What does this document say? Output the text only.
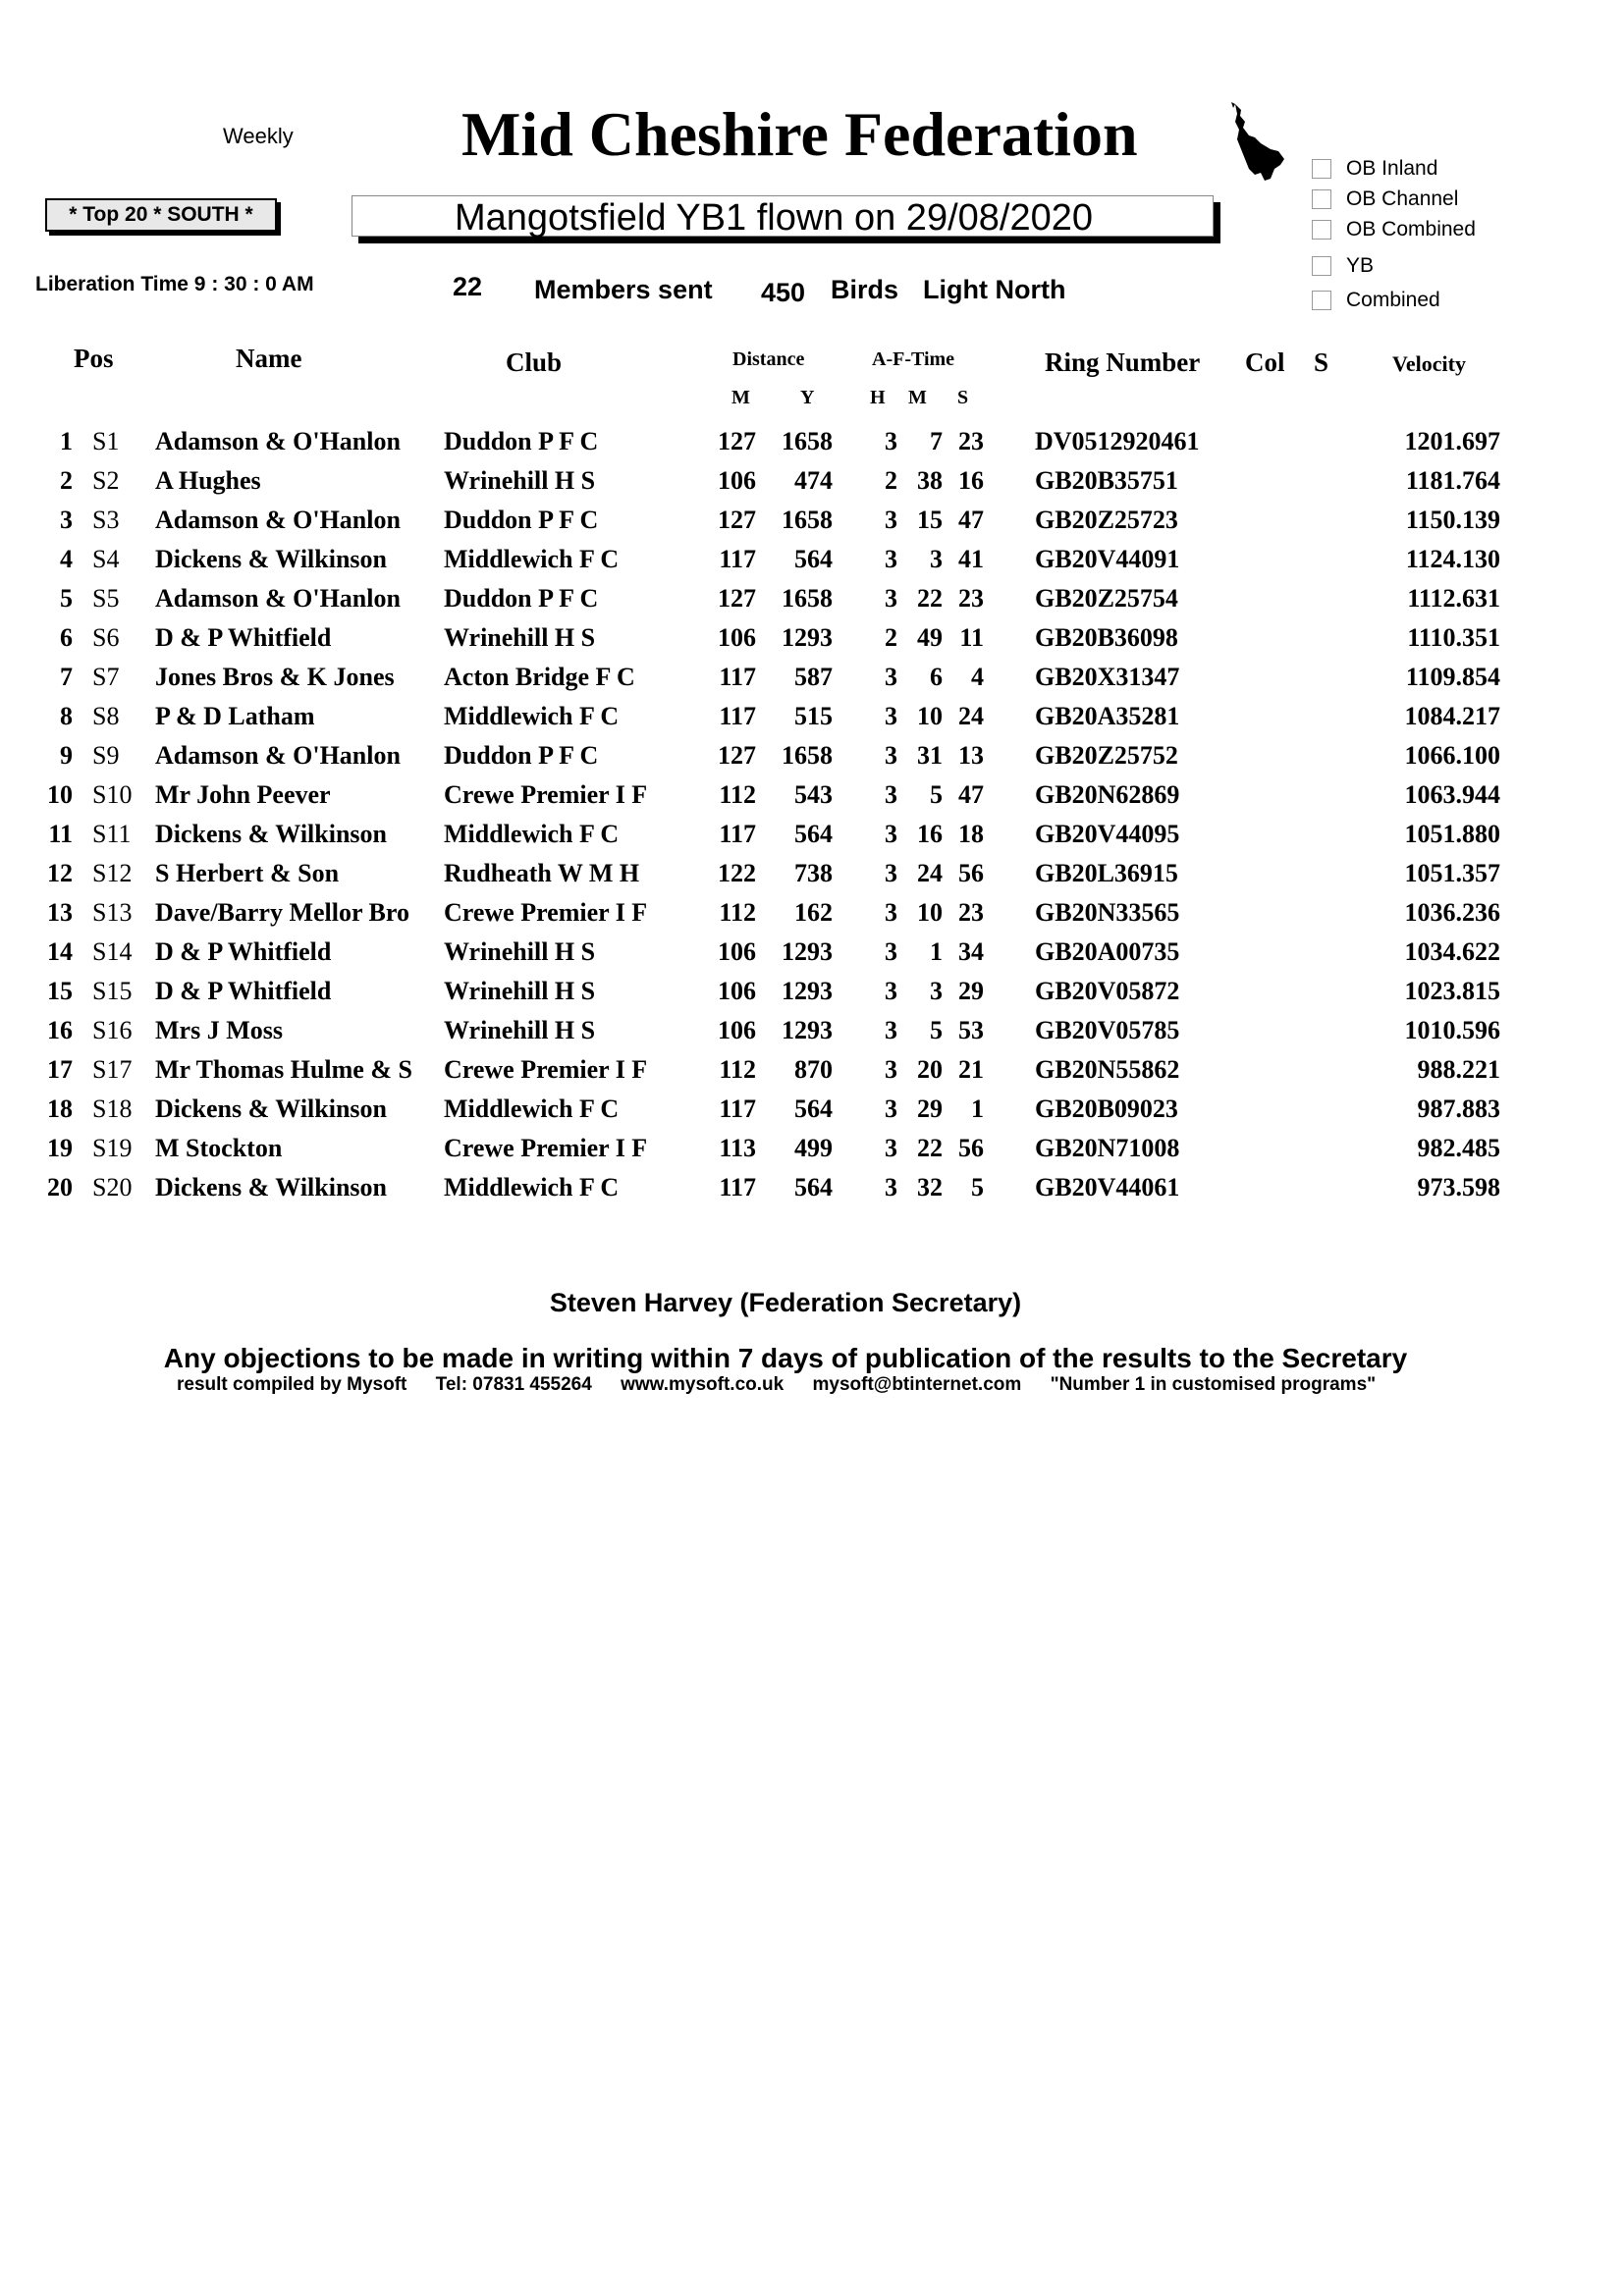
Weekly	Mid Cheshire Federation
* Top 20 * SOUTH *	Mangotsfield YB1 flown on 29/08/2020
OB Inland
OB Channel
OB Combined
YB
Combined
Liberation Time 9 : 30 : 0 AM	22 Members sent 450 Birds Light North
Pos	Name	Club	Distance
M	Y
A-F-Time
H M S
Ring Number Col S	Velocity
1	S1	Adamson & O'Hanlon	Duddon P F C	127	1658	3	7	23	DV0512920461	1201.697
2	S2	A Hughes	Wrinehill H S	106	474	2	38	16	GB20B35751	1181.764
3	S3	Adamson & O'Hanlon	Duddon P F C	127	1658	3	15	47	GB20Z25723	1150.139
4	S4	Dickens & Wilkinson	Middlewich F C	117	564	3	3	41	GB20V44091	1124.130
5	S5	Adamson & O'Hanlon	Duddon P F C	127	1658	3	22	23	GB20Z25754	1112.631
6	S6	D & P Whitfield	Wrinehill H S	106	1293	2	49	11	GB20B36098	1110.351
7	S7	Jones Bros & K Jones	Acton Bridge F C	117	587	3	6	4	GB20X31347	1109.854
8	S8	P & D Latham	Middlewich F C	117	515	3	10	24	GB20A35281	1084.217
9	S9	Adamson & O'Hanlon	Duddon P F C	127	1658	3	31	13	GB20Z25752	1066.100
10	S10	Mr John Peever	Crewe Premier I F	112	543	3	5	47	GB20N62869	1063.944
11	S11	Dickens & Wilkinson	Middlewich F C	117	564	3	16	18	GB20V44095	1051.880
12	S12	S Herbert & Son	Rudheath W M H	122	738	3	24	56	GB20L36915	1051.357
13	S13	Dave/Barry Mellor Bro	Crewe Premier I F	112	162	3	10	23	GB20N33565	1036.236
14	S14	D & P Whitfield	Wrinehill H S	106	1293	3	1	34	GB20A00735	1034.622
15	S15	D & P Whitfield	Wrinehill H S	106	1293	3	3	29	GB20V05872	1023.815
16	S16	Mrs J Moss	Wrinehill H S	106	1293	3	5	53	GB20V05785	1010.596
17	S17	Mr Thomas Hulme & S	Crewe Premier I F	112	870	3	20	21	GB20N55862	988.221
18	S18	Dickens & Wilkinson	Middlewich F C	117	564	3	29	1	GB20B09023	987.883
19	S19	M Stockton	Crewe Premier I F	113	499	3	22	56	GB20N71008	982.485
20	S20	Dickens & Wilkinson	Middlewich F C	117	564	3	32	5	GB20V44061	973.598
Steven Harvey (Federation Secretary)
Any objections to be made in writing within 7 days of publication of the results to the Secretary
result compiled by Mysoft Tel: 07831 455264 www.mysoft.co.uk mysoft@btinternet.com "Number 1 in customised programs"
